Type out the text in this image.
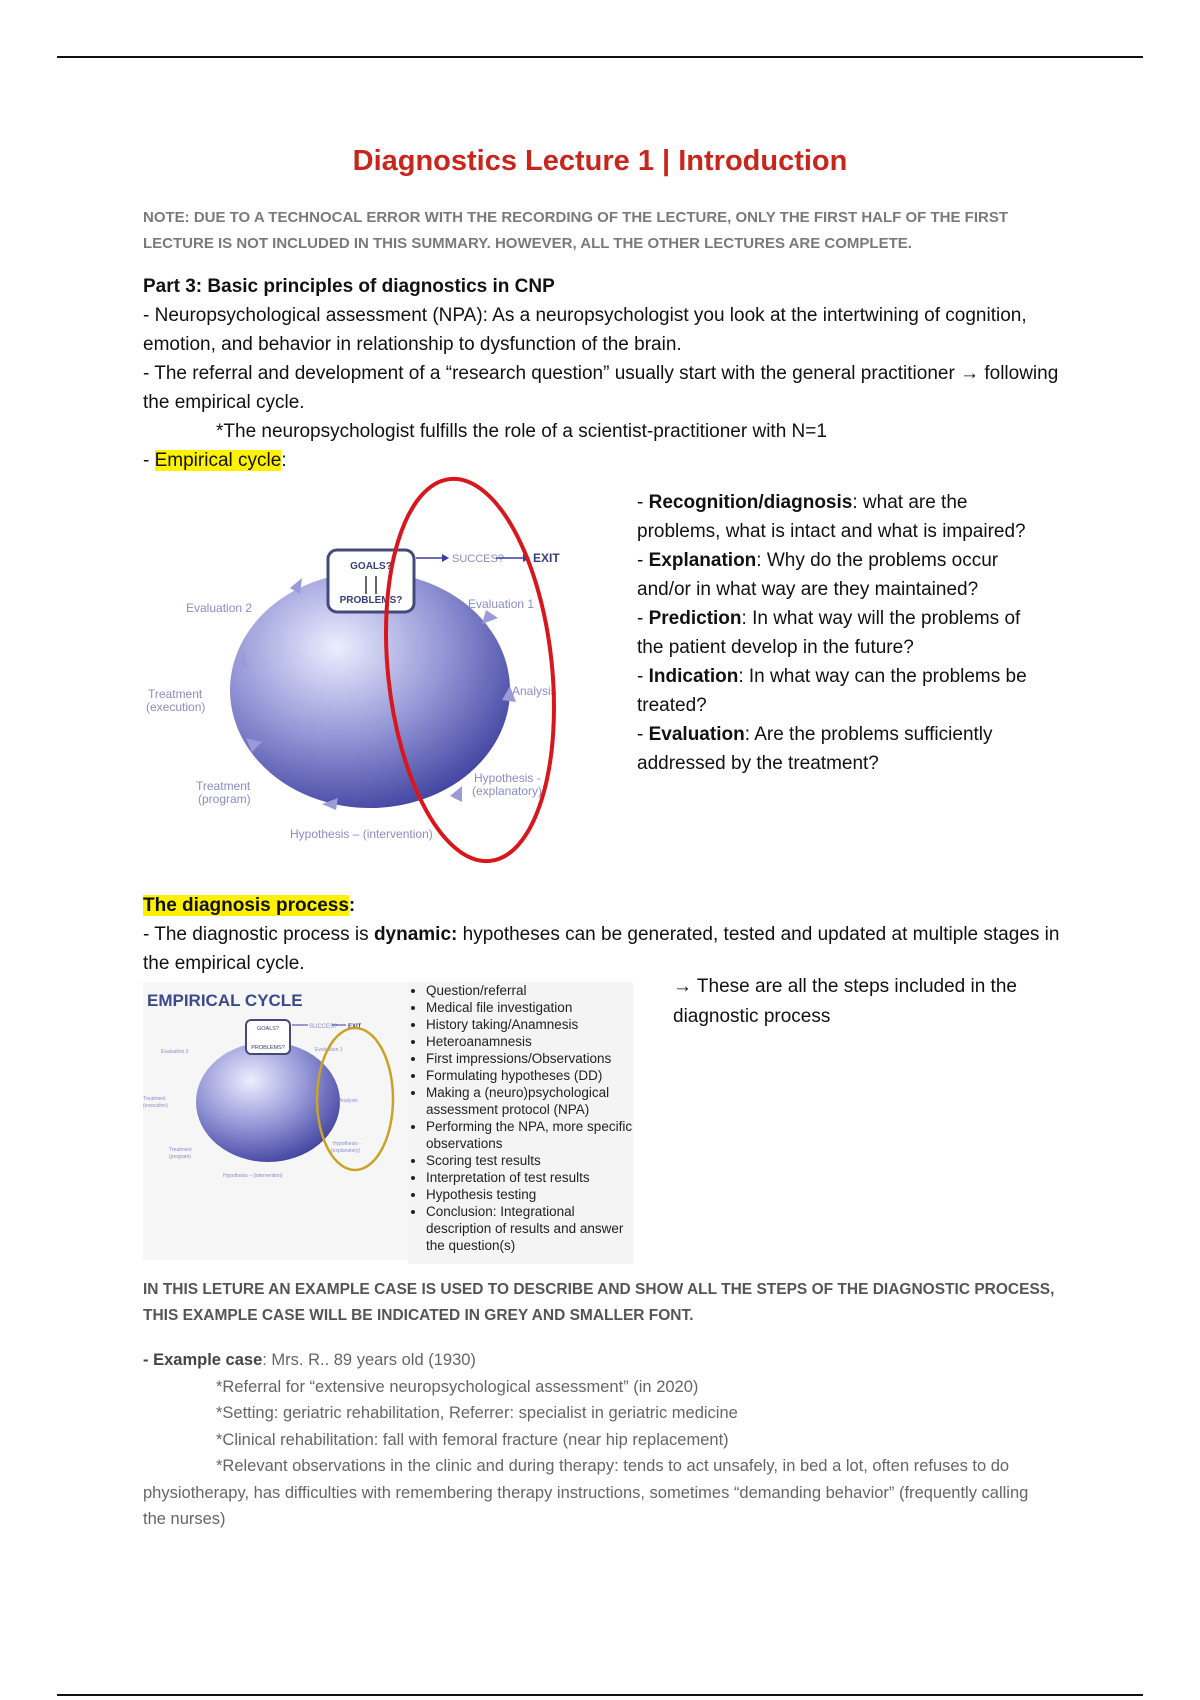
Diagnostics Lecture 1 | Introduction
NOTE: DUE TO A TECHNOCAL ERROR WITH THE RECORDING OF THE LECTURE, ONLY THE FIRST HALF OF THE FIRST LECTURE IS NOT INCLUDED IN THIS SUMMARY. HOWEVER, ALL THE OTHER LECTURES ARE COMPLETE.
Part 3: Basic principles of diagnostics in CNP
- Neuropsychological assessment (NPA): As a neuropsychologist you look at the intertwining of cognition, emotion, and behavior in relationship to dysfunction of the brain.
- The referral and development of a “research question” usually start with the general practitioner → following the empirical cycle.
*The neuropsychologist fulfills the role of a scientist-practitioner with N=1
- Empirical cycle:
GOALS?
PROBLEMS?
SUCCES? EXIT
Evaluation 1
Evaluation 2
Analysis
Treatment
(execution)
Treatment
(program)
Hypothesis -
(explanatory)
Hypothesis – (intervention)
- Recognition/diagnosis: what are the problems, what is intact and what is impaired?
- Explanation: Why do the problems occur and/or in what way are they maintained?
- Prediction: In what way will the problems of the patient develop in the future?
- Indication: In what way can the problems be treated?
- Evaluation: Are the problems sufficiently addressed by the treatment?
The diagnosis process:
- The diagnostic process is dynamic: hypotheses can be generated, tested and updated at multiple stages in the empirical cycle.
EMPIRICAL CYCLE
GOALS?
PROBLEMS?
SUCCES? EXIT
Evaluation 1
Evaluation 2
Analysis
Treatment
(execution)
Treatment
(program)
Hypothesis -
(explanatory)
Hypothesis – (intervention)
• Question/referral
• Medical file investigation
• History taking/Anamnesis
• Heteroanamnesis
• First impressions/Observations
• Formulating hypotheses (DD)
• Making a (neuro)psychological assessment protocol (NPA)
• Performing the NPA, more specific observations
• Scoring test results
• Interpretation of test results
• Hypothesis testing
• Conclusion: Integrational description of results and answer the question(s)
→ These are all the steps included in the diagnostic process
IN THIS LETURE AN EXAMPLE CASE IS USED TO DESCRIBE AND SHOW ALL THE STEPS OF THE DIAGNOSTIC PROCESS, THIS EXAMPLE CASE WILL BE INDICATED IN GREY AND SMALLER FONT.
- Example case: Mrs. R.. 89 years old (1930)
*Referral for “extensive neuropsychological assessment” (in 2020)
*Setting: geriatric rehabilitation, Referrer: specialist in geriatric medicine
*Clinical rehabilitation: fall with femoral fracture (near hip replacement)
*Relevant observations in the clinic and during therapy: tends to act unsafely, in bed a lot, often refuses to do physiotherapy, has difficulties with remembering therapy instructions, sometimes “demanding behavior” (frequently calling the nurses)
